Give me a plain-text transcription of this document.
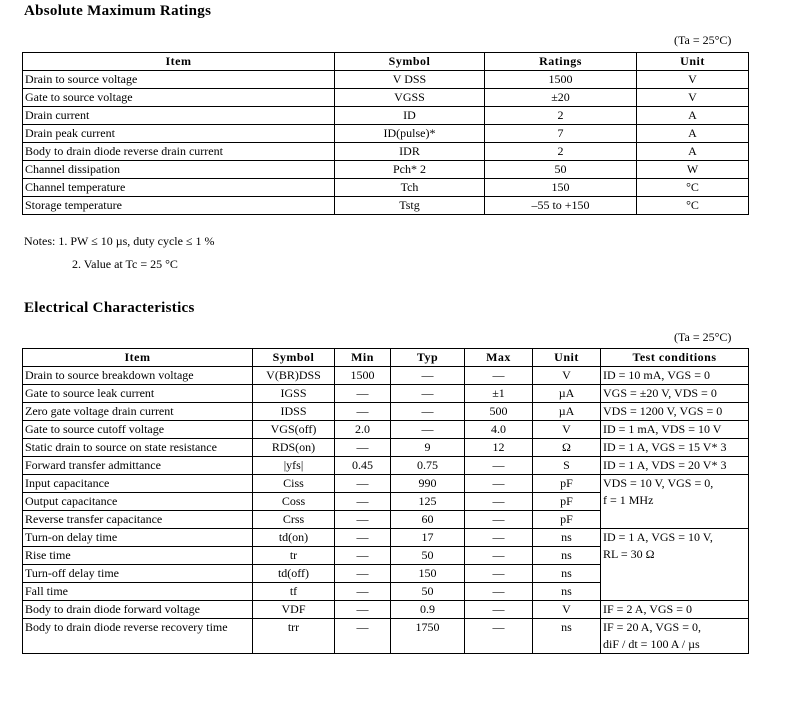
Absolute Maximum Ratings
(Ta = 25°C)
Item	Symbol	Ratings	Unit
Drain to source voltage	V DSS	1500	V
Gate to source voltage	VGSS	±20	V
Drain current	ID	2	A
Drain peak current	ID(pulse)*	7	A
Body to drain diode reverse drain current	IDR	2	A
Channel dissipation	Pch* 2	50	W
Channel temperature	Tch	150	°C
Storage temperature	Tstg	–55 to +150	°C
Notes: 1. PW ≤ 10 µs, duty cycle ≤ 1 %
2. Value at Tc = 25 °C
Electrical Characteristics
(Ta = 25°C)
Item	Symbol	Min	Typ	Max	Unit	Test conditions
Drain to source breakdown voltage	V(BR)DSS	1500	—	—	V	ID = 10 mA, VGS = 0

Gate to source leak current	IGSS	—	—	±1	µA	VGS = ±20 V, VDS = 0

Zero gate voltage drain current	IDSS	—	—	500	µA	VDS = 1200 V, VGS = 0

Gate to source cutoff voltage	VGS(off)	2.0	—	4.0	V	ID = 1 mA, VDS = 10 V

Static drain to source on state resistance	RDS(on)	—	9	12	Ω	ID = 1 A, VGS = 15 V* 3

Forward transfer admittance	|yfs|	0.45	0.75	—	S	ID = 1 A, VDS = 20 V* 3

Input capacitance	Ciss	—	990	—	pF	VDS = 10 V, VGS = 0,
f = 1 MHz

Output capacitance	Coss	—	125	—	pF	
Reverse transfer capacitance	Crss	—	60	—	pF	
Turn-on delay time	td(on)	—	17	—	ns	ID = 1 A, VGS = 10 V,
RL = 30 Ω

Rise time	tr	—	50	—	ns	
Turn-off delay time	td(off)	—	150	—	ns	
Fall time	tf	—	50	—	ns	
Body to drain diode forward voltage	VDF	—	0.9	—	V	IF = 2 A, VGS = 0

Body to drain diode reverse recovery time	trr	—	1750	—	ns	IF = 20 A, VGS = 0,
diF / dt = 100 A / µs
